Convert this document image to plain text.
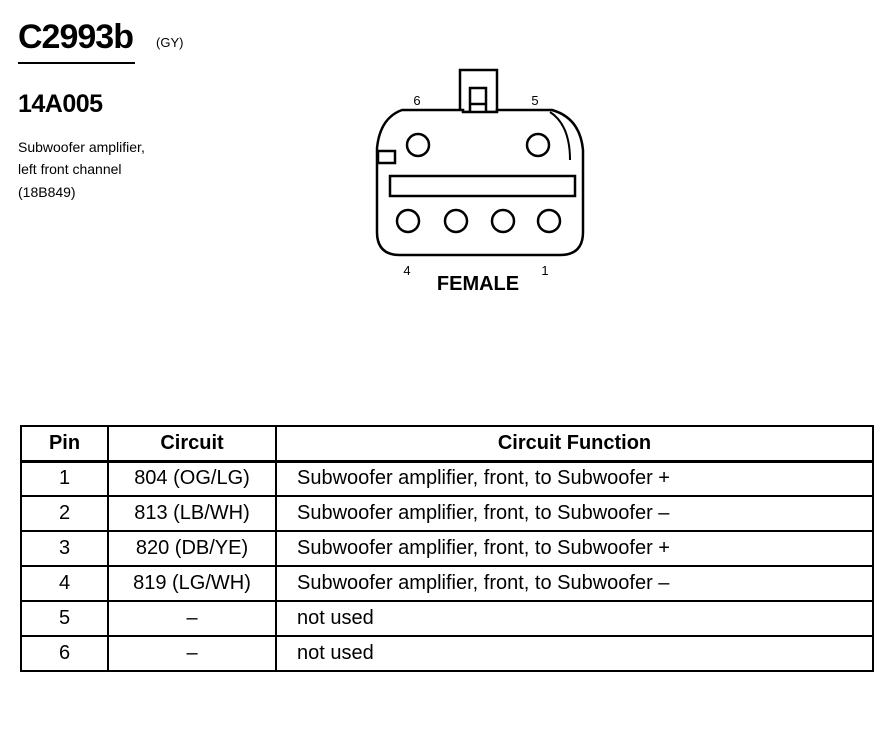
C2993b (GY)
14A005
Subwoofer amplifier,
left front channel
(18B849)
6	5
4	1
FEMALE
Pin	Circuit	Circuit Function
1	804 (OG/LG)	Subwoofer amplifier, front, to Subwoofer +
2	813 (LB/WH)	Subwoofer amplifier, front, to Subwoofer –
3	820 (DB/YE)	Subwoofer amplifier, front, to Subwoofer +
4	819 (LG/WH)	Subwoofer amplifier, front, to Subwoofer –
5	–	not used
6	–	not used
